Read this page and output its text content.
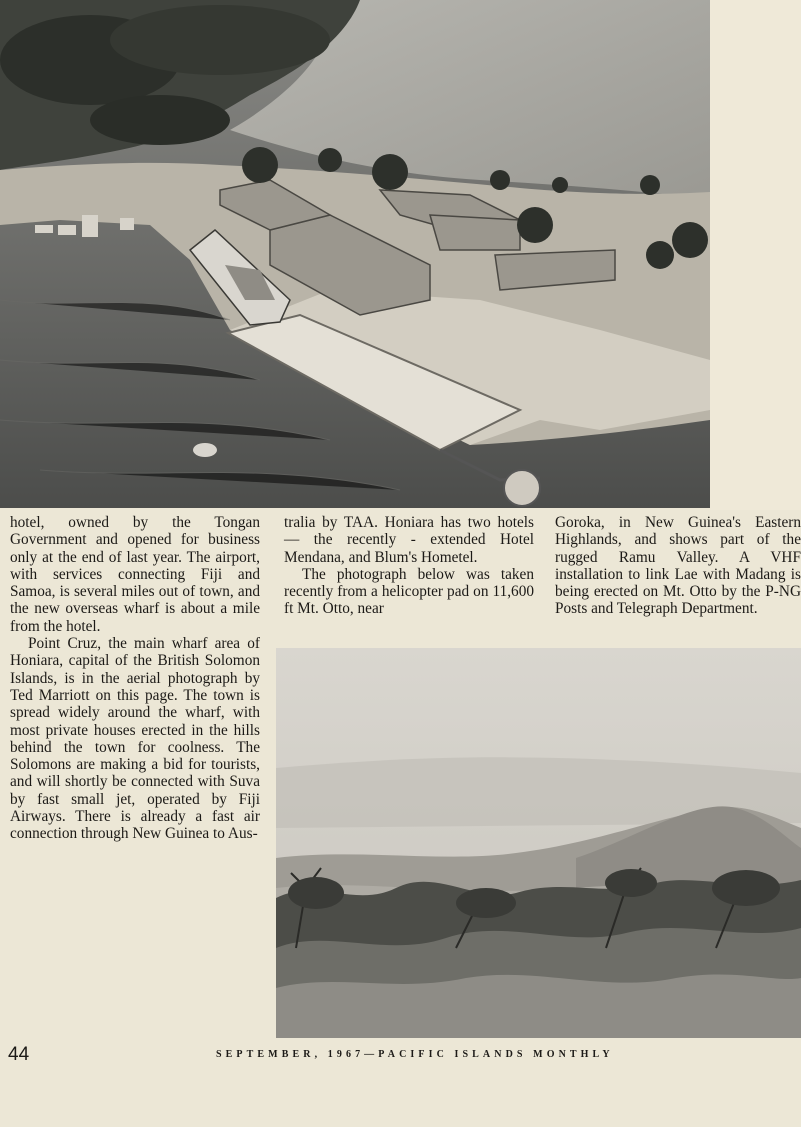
hotel, owned by the Tongan Government and opened for business only at the end of last year. The airport, with services connecting Fiji and Samoa, is several miles out of town, and the new overseas wharf is about a mile from the hotel.

Point Cruz, the main wharf area of Honiara, capital of the British Solomon Islands, is in the aerial photograph by Ted Marriott on this page. The town is spread widely around the wharf, with most private houses erected in the hills behind the town for coolness. The Solomons are making a bid for tourists, and will shortly be connected with Suva by fast small jet, operated by Fiji Airways. There is already a fast air connection through New Guinea to Aus-

tralia by TAA. Honiara has two hotels — the recently - extended Hotel Mendana, and Blum's Hometel.

The photograph below was taken recently from a helicopter pad on 11,600 ft Mt. Otto, near

Goroka, in New Guinea's Eastern Highlands, and shows part of the rugged Ramu Valley. A VHF installation to link Lae with Madang is being erected on Mt. Otto by the P-NG Posts and Telegraph Department.

44	SEPTEMBER, 1967—PACIFIC ISLANDS MONTHLY
